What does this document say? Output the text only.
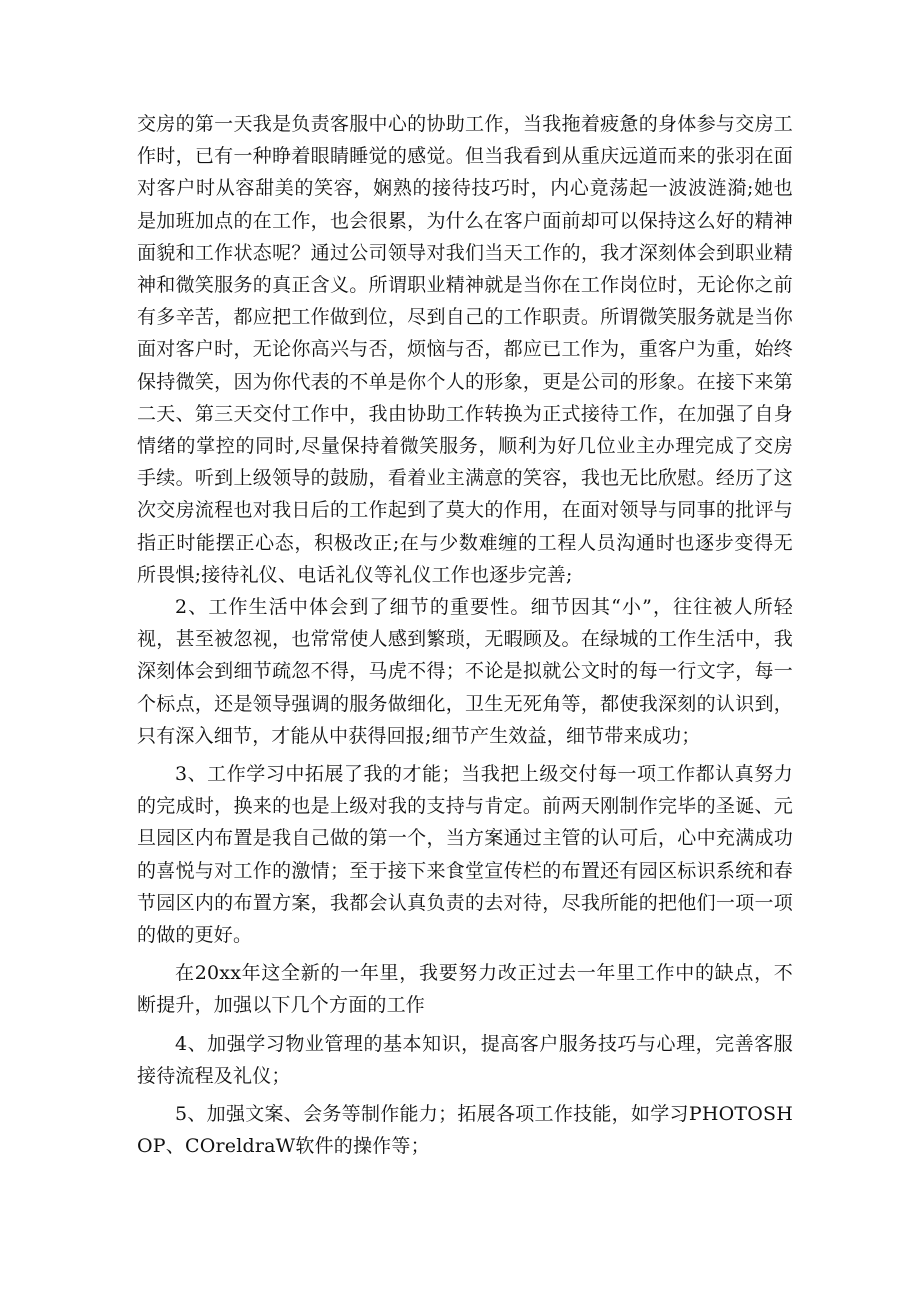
交房的第一天我是负责客服中心的协助工作，当我拖着疲惫的身体参与交房工作时，已有一种睁着眼睛睡觉的感觉。但当我看到从重庆远道而来的张羽在面对客户时从容甜美的笑容，娴熟的接待技巧时，内心竟荡起一波波涟漪;她也是加班加点的在工作，也会很累，为什么在客户面前却可以保持这么好的精神面貌和工作状态呢？通过公司领导对我们当天工作的，我才深刻体会到职业精神和微笑服务的真正含义。所谓职业精神就是当你在工作岗位时，无论你之前有多辛苦，都应把工作做到位，尽到自己的工作职责。所谓微笑服务就是当你面对客户时，无论你高兴与否，烦恼与否，都应已工作为，重客户为重，始终保持微笑，因为你代表的不单是你个人的形象，更是公司的形象。在接下来第二天、第三天交付工作中，我由协助工作转换为正式接待工作，在加强了自身情绪的掌控的同时,尽量保持着微笑服务，顺利为好几位业主办理完成了交房手续。听到上级领导的鼓励，看着业主满意的笑容，我也无比欣慰。经历了这次交房流程也对我日后的工作起到了莫大的作用，在面对领导与同事的批评与指正时能摆正心态，积极改正;在与少数难缠的工程人员沟通时也逐步变得无所畏惧;接待礼仪、电话礼仪等礼仪工作也逐步完善;

2、工作生活中体会到了细节的重要性。细节因其“小”，往往被人所轻视，甚至被忽视，也常常使人感到繁琐，无暇顾及。在绿城的工作生活中，我深刻体会到细节疏忽不得，马虎不得；不论是拟就公文时的每一行文字，每一个标点，还是领导强调的服务做细化，卫生无死角等，都使我深刻的认识到，只有深入细节，才能从中获得回报;细节产生效益，细节带来成功；

3、工作学习中拓展了我的才能；当我把上级交付每一项工作都认真努力的完成时，换来的也是上级对我的支持与肯定。前两天刚制作完毕的圣诞、元旦园区内布置是我自己做的第一个，当方案通过主管的认可后，心中充满成功的喜悦与对工作的激情；至于接下来食堂宣传栏的布置还有园区标识系统和春节园区内的布置方案，我都会认真负责的去对待，尽我所能的把他们一项一项的做的更好。

在20xx年这全新的一年里，我要努力改正过去一年里工作中的缺点，不断提升，加强以下几个方面的工作

4、加强学习物业管理的基本知识，提高客户服务技巧与心理，完善客服接待流程及礼仪；

5、加强文案、会务等制作能力；拓展各项工作技能，如学习PHOTOSHOP、COreldraW软件的操作等；
